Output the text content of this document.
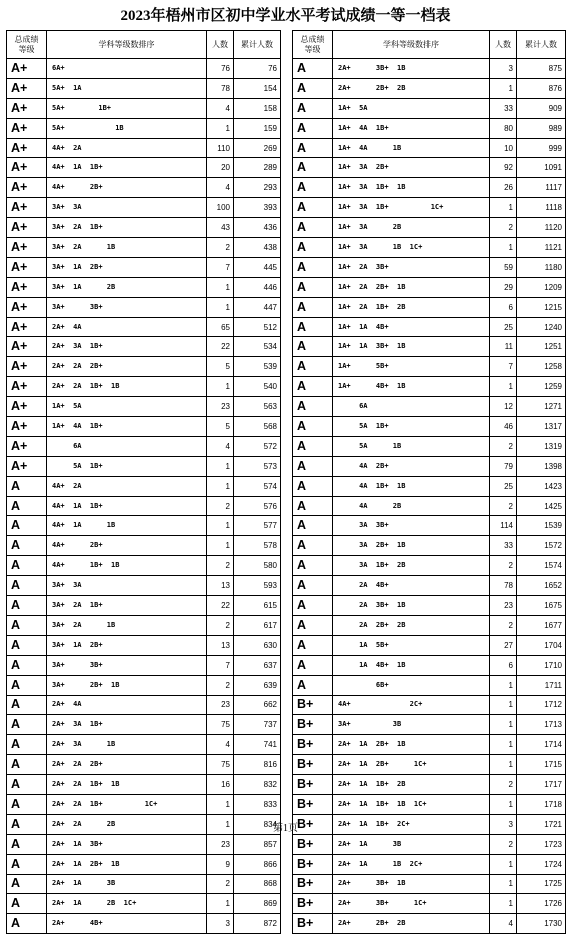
2023年梧州市区初中学业水平考试成绩一等一档表
总成绩
等级	学科等级数排序	人数	累计人数
A+	6A+	76	76
A+	5A+  1A	78	154
A+	5A+        1B+	4	158
A+	5A+            1B	1	159
A+	4A+  2A	110	269
A+	4A+  1A  1B+	20	289
A+	4A+      2B+	4	293
A+	3A+  3A	100	393
A+	3A+  2A  1B+	43	436
A+	3A+  2A      1B	2	438
A+	3A+  1A  2B+	7	445
A+	3A+  1A      2B	1	446
A+	3A+      3B+	1	447
A+	2A+  4A	65	512
A+	2A+  3A  1B+	22	534
A+	2A+  2A  2B+	5	539
A+	2A+  2A  1B+  1B	1	540
A+	1A+  5A	23	563
A+	1A+  4A  1B+	5	568
A+	6A	4	572
A+	5A  1B+	1	573
A	4A+  2A	1	574
A	4A+  1A  1B+	2	576
A	4A+  1A      1B	1	577
A	4A+      2B+	1	578
A	4A+      1B+  1B	2	580
A	3A+  3A	13	593
A	3A+  2A  1B+	22	615
A	3A+  2A      1B	2	617
A	3A+  1A  2B+	13	630
A	3A+      3B+	7	637
A	3A+      2B+  1B	2	639
A	2A+  4A	23	662
A	2A+  3A  1B+	75	737
A	2A+  3A      1B	4	741
A	2A+  2A  2B+	75	816
A	2A+  2A  1B+  1B	16	832
A	2A+  2A  1B+          1C+	1	833
A	2A+  2A      2B	1	834
A	2A+  1A  3B+	23	857
A	2A+  1A  2B+  1B	9	866
A	2A+  1A      3B	2	868
A	2A+  1A      2B  1C+	1	869
A	2A+      4B+	3	872
总成绩
等级	学科等级数排序	人数	累计人数
A	2A+      3B+  1B	3	875
A	2A+      2B+  2B	1	876
A	1A+  5A	33	909
A	1A+  4A  1B+	80	989
A	1A+  4A      1B	10	999
A	1A+  3A  2B+	92	1091
A	1A+  3A  1B+  1B	26	1117
A	1A+  3A  1B+          1C+	1	1118
A	1A+  3A      2B	2	1120
A	1A+  3A      1B  1C+	1	1121
A	1A+  2A  3B+	59	1180
A	1A+  2A  2B+  1B	29	1209
A	1A+  2A  1B+  2B	6	1215
A	1A+  1A  4B+	25	1240
A	1A+  1A  3B+  1B	11	1251
A	1A+      5B+	7	1258
A	1A+      4B+  1B	1	1259
A	6A	12	1271
A	5A  1B+	46	1317
A	5A      1B	2	1319
A	4A  2B+	79	1398
A	4A  1B+  1B	25	1423
A	4A      2B	2	1425
A	3A  3B+	114	1539
A	3A  2B+  1B	33	1572
A	3A  1B+  2B	2	1574
A	2A  4B+	78	1652
A	2A  3B+  1B	23	1675
A	2A  2B+  2B	2	1677
A	1A  5B+	27	1704
A	1A  4B+  1B	6	1710
A	6B+	1	1711
B+	4A+              2C+	1	1712
B+	3A+          3B	1	1713
B+	2A+  1A  2B+  1B	1	1714
B+	2A+  1A  2B+      1C+	1	1715
B+	2A+  1A  1B+  2B	2	1717
B+	2A+  1A  1B+  1B  1C+	1	1718
B+	2A+  1A  1B+  2C+	3	1721
B+	2A+  1A      3B	2	1723
B+	2A+  1A      1B  2C+	1	1724
B+	2A+      3B+  1B	1	1725
B+	2A+      3B+      1C+	1	1726
B+	2A+      2B+  2B	4	1730
第1页
